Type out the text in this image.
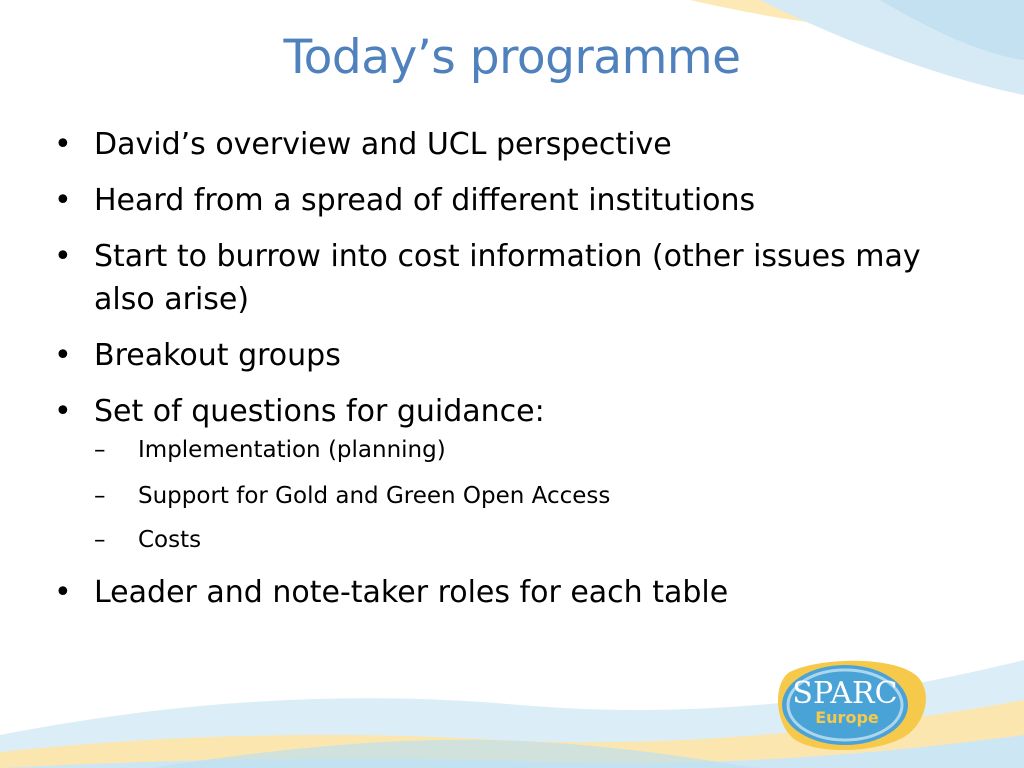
Today’s programme
• David’s overview and UCL perspective
• Heard from a spread of different institutions
• Start to burrow into cost information (other issues may also arise)
• Breakout groups
• Set of questions for guidance:
– Implementation (planning)
– Support for Gold and Green Open Access
– Costs
• Leader and note-taker roles for each table
SPARC
Europe
